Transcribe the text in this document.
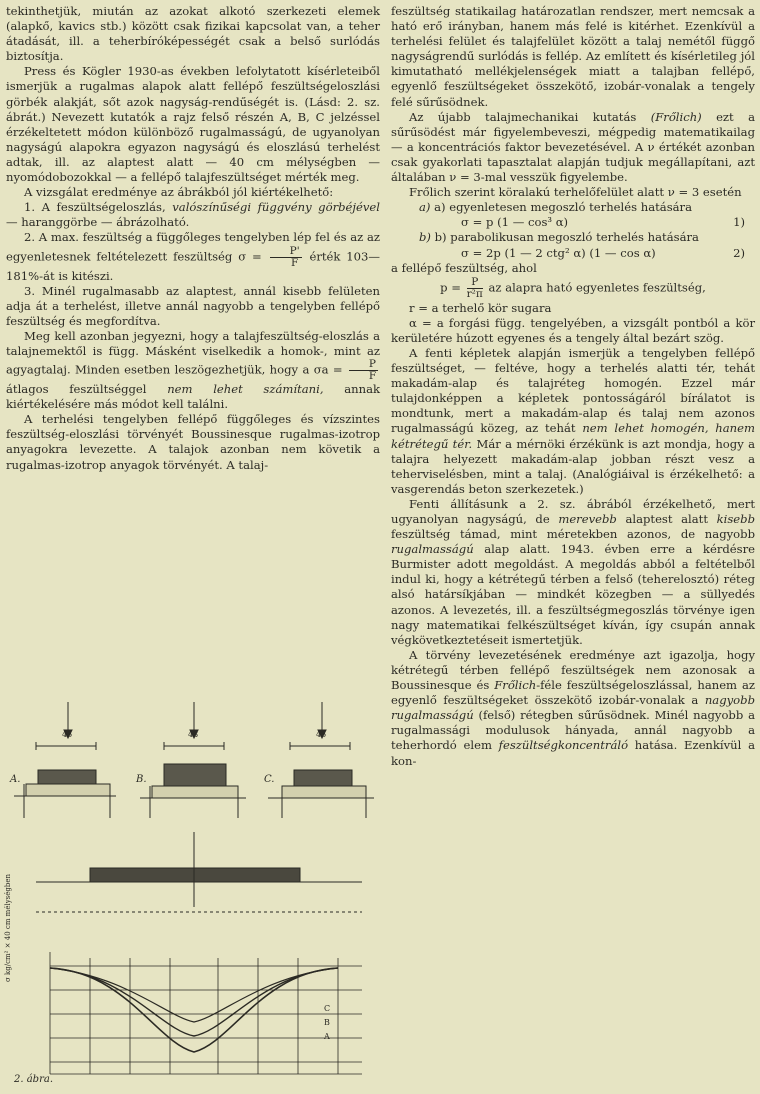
tekinthetjük, miután az azokat alkotó szerkezeti elemek (alapkő, kavics stb.) között csak fizikai kapcsolat van, a teher átadását, ill. a teherbíróképességét csak a belső surlódás biztosítja.

Press és Kögler 1930-as években lefolytatott kísérleteiből ismerjük a rugalmas alapok alatt fellépő feszültségeloszlási görbék alakját, sőt azok nagyság-rendűségét is. (Lásd: 2. sz. ábrát.) Nevezett kutatók a rajz felső részén A, B, C jelzéssel érzékeltetett módon különböző rugalmasságú, de ugyanolyan nagyságú alapokra egyazon nagyságú és eloszlású terhelést adtak, ill. az alaptest alatt — 40 cm mélységben — nyomódobozokkal — a fellépő talajfeszültséget mérték meg.

A vizsgálat eredménye az ábrákból jól kiértékelhető:

1. A feszültségeloszlás, valószínűségi függvény görbéjével — haranggörbe — ábrázolható.

2. A max. feszültség a függőleges tengelyben lép fel és az az egyenletesnek feltételezett feszültség $\sigma = \frac{P'}{F}$ érték 103—181%-át is kitészi.

3. Minél rugalmasabb az alaptest, annál kisebb felületen adja át a terhelést, illetve annál nagyobb a tengelyben fellépő feszültség és megfordítva.

Meg kell azonban jegyezni, hogy a talajfeszültség-eloszlás a talajnemektől is függ. Másként viselkedik a homok-, mint az agyagtalaj. Minden esetben leszögezhetjük, hogy a $\sigma a = \frac{P}{F}$
átlagos feszültséggel nem lehet számítani, annak kiértékelésére más módot kell találni.

A terhelési tengelyben fellépő függőleges és vízszintes feszültség-eloszlási törvényét Boussinesque rugalmas-izotrop anyagokra levezette. A talajok azonban nem követik a rugalmas-izotrop anyagok törvényét. A talaj-

A.	B.	C.
45	43	45
C
B
A
σ kg/cm² × 40 cm mélységben
2. ábra.

feszültség statikailag határozatlan rendszer, mert nemcsak a ható erő irányban, hanem más felé is kitérhet. Ezenkívül a terhelési felület és talajfelület között a talaj nemétől függő nagyságrendű surlódás is fellép. Az említett és kísérletileg jól kimutatható mellékjelenségek miatt a talajban fellépő, egyenlő feszültségeket összekötő, izobár-vonalak a tengely felé sűrűsödnek.

Az újabb talajmechanikai kutatás (Frőlich) ezt a sűrűsödést már figyelembeveszi, mégpedig matematikailag — a koncentrációs faktor bevezetésével. A ν értékét azonban csak gyakorlati tapasztalat alapján tudjuk megállapítani, azt általában ν = 3-mal vesszük figyelembe.

Frőlich szerint köralakú terhelőfelület alatt ν = 3 esetén

a) a) egyenletesen megoszló terhelés hatására

σ = p (1 — cos³ α)	1)

b) b) parabolikusan megoszló terhelés hatására

σ = 2p (1 — 2 ctg² α) (1 — cos α)	2)

a fellépő feszültség, ahol

$p = \frac{P}{\text{r²π}}$ az alapra ható egyenletes feszültség,

r = a terhelő kör sugara

α = a forgási függ. tengelyében, a vizsgált pontból a kör kerületére húzott egyenes és a tengely által bezárt szög.

A fenti képletek alapján ismerjük a tengelyben fellépő feszültséget, — feltéve, hogy a terhelés alatti tér, tehát makadám-alap és talajréteg homogén. Ezzel már tulajdonképpen a képletek pontosságáról bírálatot is mondtunk, mert a makadám-alap és talaj nem azonos rugalmasságú közeg, az tehát nem lehet homogén, hanem kétrétegű tér. Már a mérnöki érzékünk is azt mondja, hogy a talajra helyezett makadám-alap jobban részt vesz a teherviselésben, mint a talaj. (Analógiáival is érzékelhető: a vasgerendás beton szerkezetek.)

Fenti állításunk a 2. sz. ábrából érzékelhető, mert ugyanolyan nagyságú, de merevebb alaptest alatt kisebb feszültség támad, mint méretekben azonos, de nagyobb rugalmasságú alap alatt. 1943. évben erre a kérdésre Burmister adott megoldást. A megoldás abból a feltételből indul ki, hogy a kétrétegű térben a felső (teherelosztó) réteg alsó határsíkjában — mindkét közegben — a süllyedés azonos. A levezetés, ill. a feszültségmegoszlás törvénye igen nagy matematikai felkészültséget kíván, így csupán annak végkövetkeztetéseit ismertetjük.

A törvény levezetésének eredménye azt igazolja, hogy kétrétegű térben fellépő feszültségek nem azonosak a Boussinesque és Frőlich-féle feszültségeloszlással, hanem az egyenlő feszültségeket összekötő izobár-vonalak a nagyobb rugalmasságú (felső) rétegben sűrűsödnek. Minél nagyobb a rugalmassági modulusok hányada, annál nagyobb a teherhordó elem feszültségkoncentráló hatása. Ezenkívül a kon-
